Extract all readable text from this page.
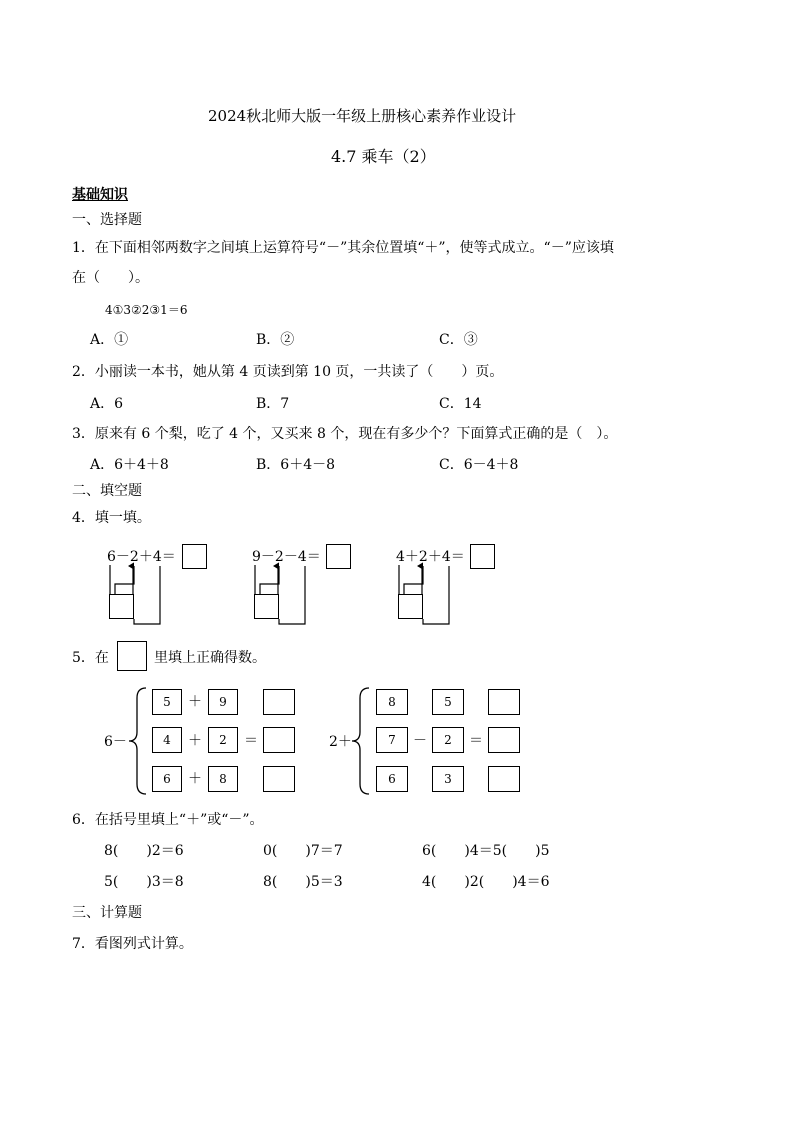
2024秋北师大版一年级上册核心素养作业设计
4.7 乘车（2）
基础知识
一、选择题
1．在下面相邻两数字之间填上运算符号“－”其余位置填“＋”，使等式成立。“－”应该填
在（　　）。
4①3②2③1＝6
A．①	B．②	C．③
2．小丽读一本书，她从第 4 页读到第 10 页，一共读了（　　）页。
A．6	B．7	C．14
3．原来有 6 个梨，吃了 4 个，又买来 8 个，现在有多少个？下面算式正确的是（　）。
A．6＋4＋8	B．6＋4－8	C．6－4＋8
二、填空题
4．填一填。
6－2＋4＝	9－2－4＝	4＋2＋4＝
5．在	里填上正确得数。
6－	2＋
5	＋	9
4	＋	2	＝
6	＋	8
8	5
7	－	2	＝
6	3
6．在括号里填上“＋”或“－”。
8(　　)2＝6	0(　　)7＝7	6(　　)4＝5(　　)5
5(　　)3＝8	8(　　)5＝3	4(　　)2(　　)4＝6
三、计算题
7．看图列式计算。
